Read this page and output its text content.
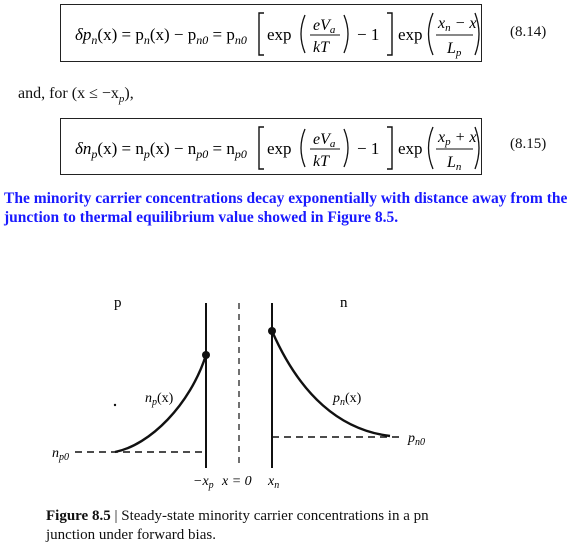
$\delta p_n(x) = p_n(x) - p_{n0} = p_{n0}$ exp eVa
kT
− 1 exp
xn − x
Lp
(8.14)
and, for $(x \le -x_p)$,
$\delta n_p(x) = n_p(x) - n_{p0} = n_{p0}$ exp eVa
kT
− 1 exp
xp + x
Ln
(8.15)
The minority carrier concentrations decay exponentially with distance away from the junction to thermal equilibrium value showed in Figure 8.5.
p	n
$n_p(x)$	$p_n(x)$
$n_{p0}$
$p_{n0}$
$-x_p$ x = 0 $x_n$
Figure 8.5 | Steady-state minority carrier concentrations in a pn junction under forward bias.
